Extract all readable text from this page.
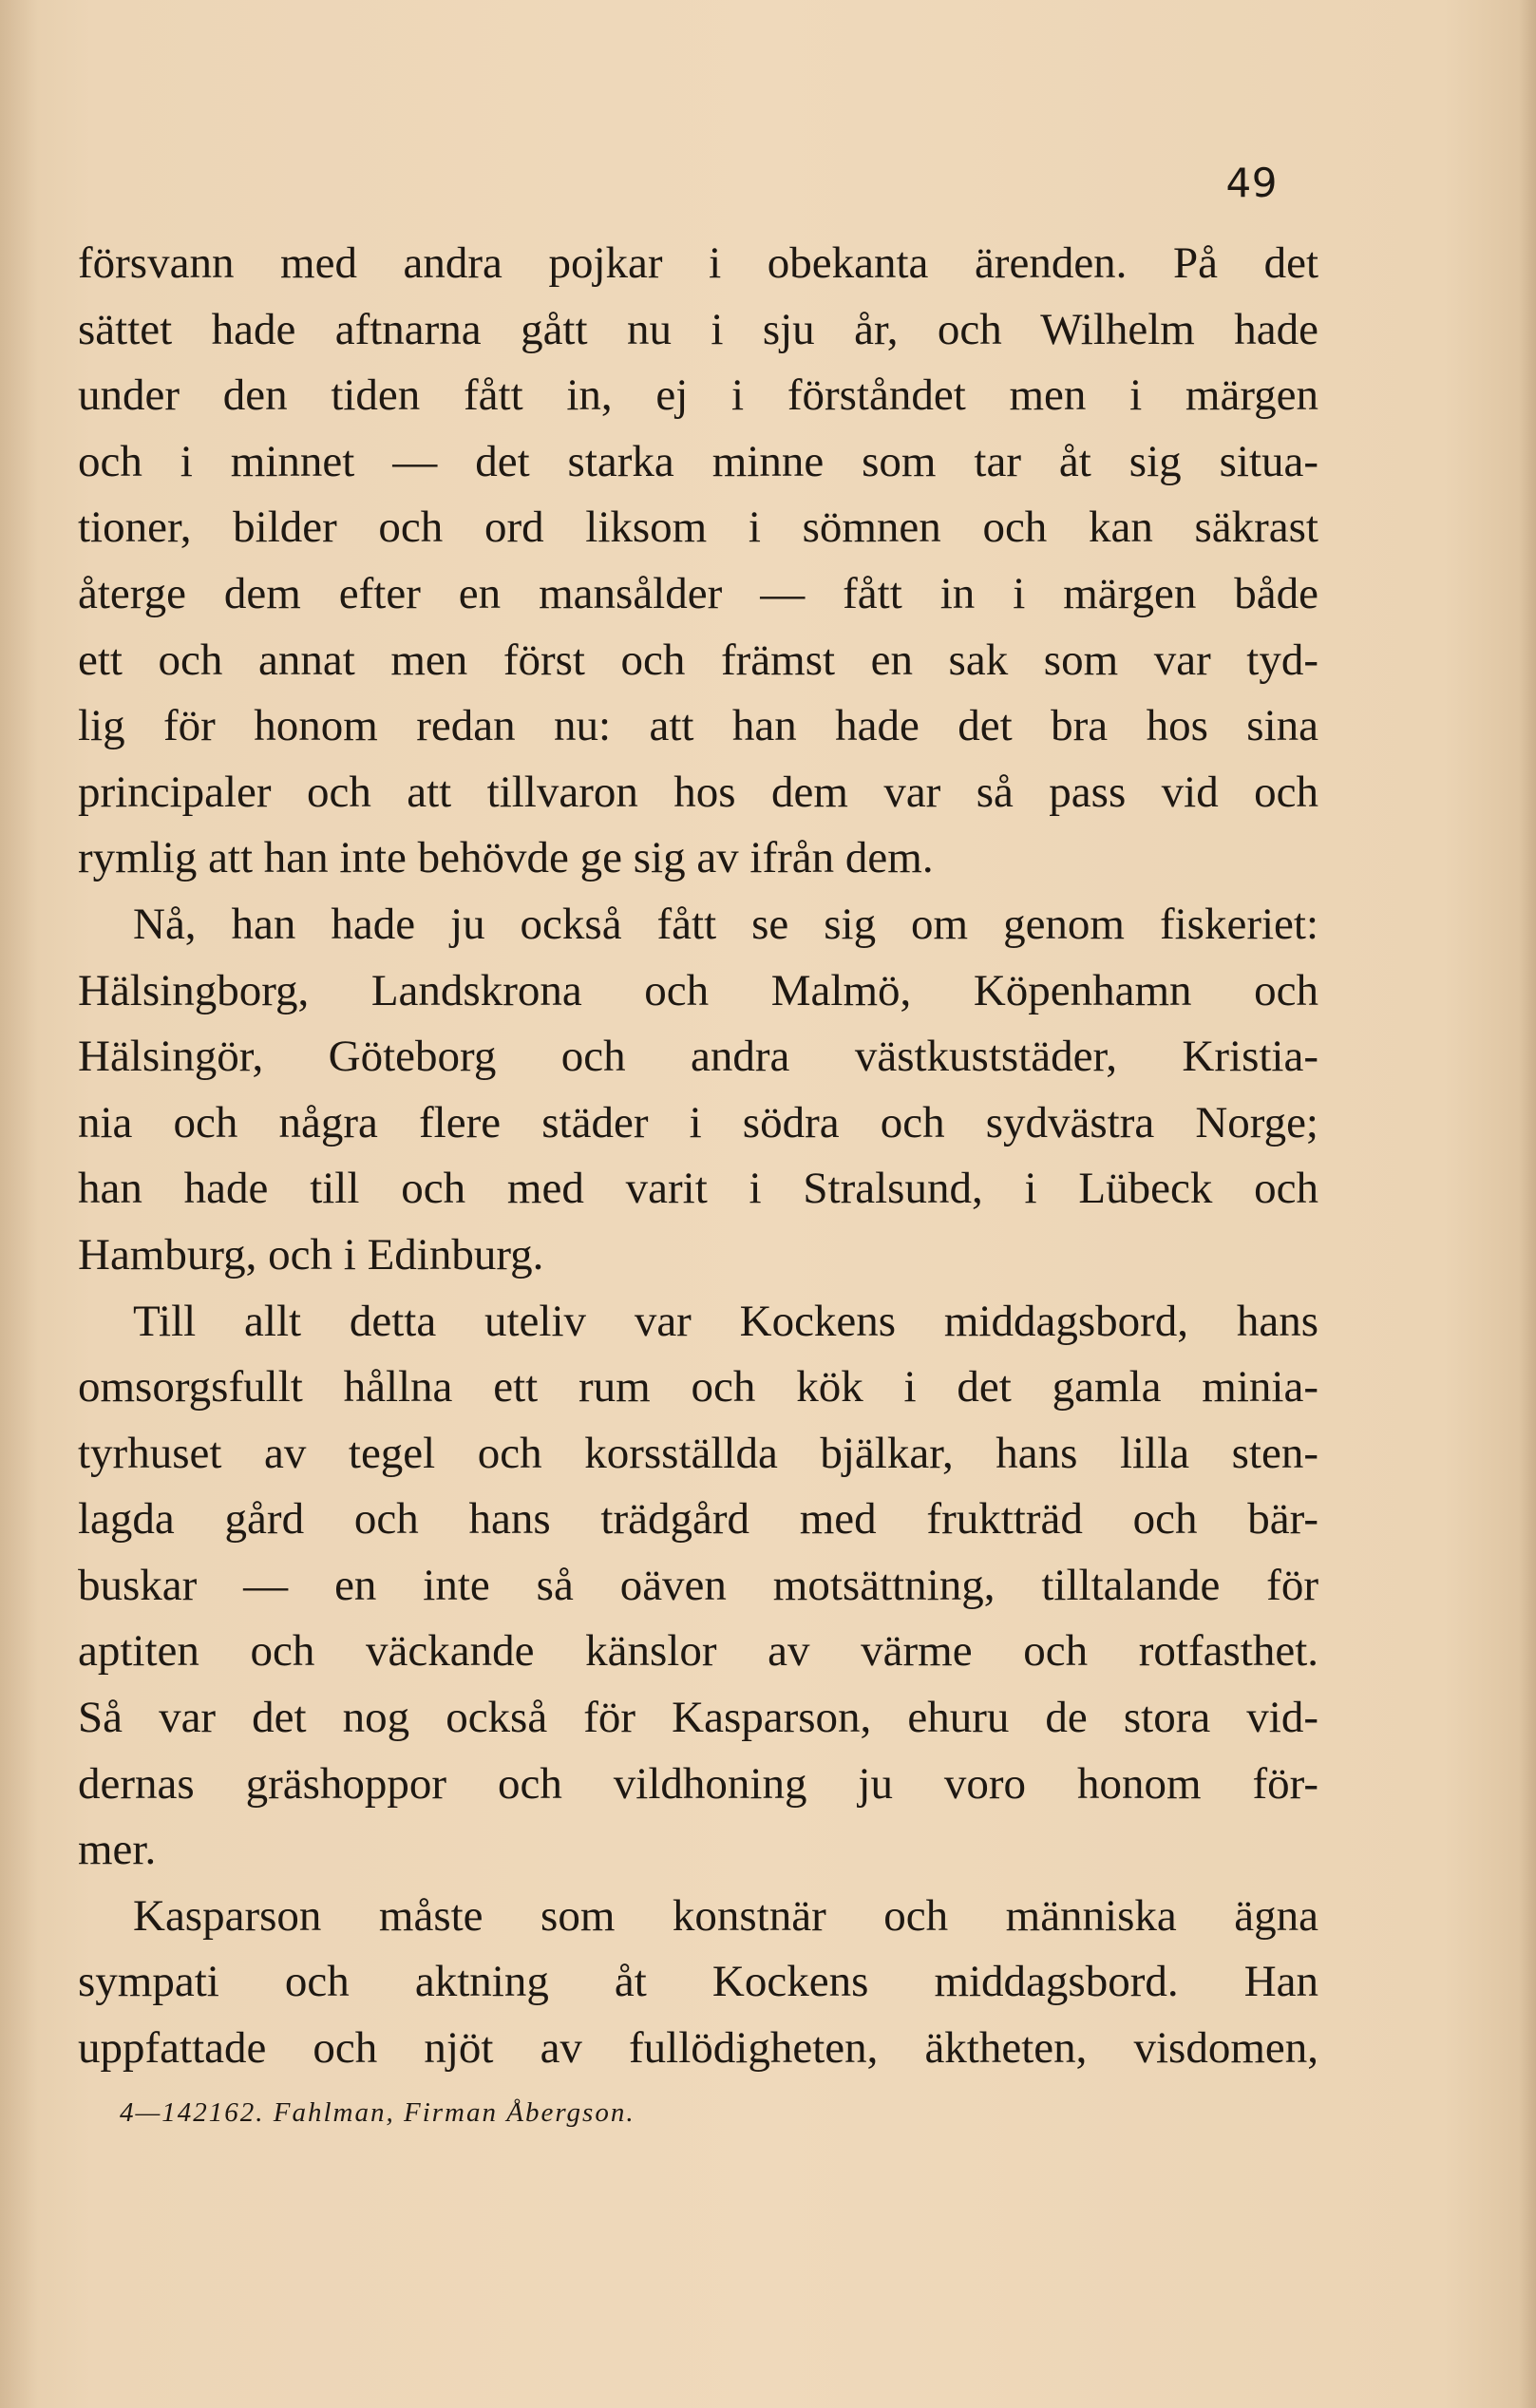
49
försvann med andra pojkar i obekanta ärenden. På det
sättet hade aftnarna gått nu i sju år, och Wilhelm hade
under den tiden fått in, ej i förståndet men i märgen
och i minnet — det starka minne som tar åt sig situa-
tioner, bilder och ord liksom i sömnen och kan säkrast
återge dem efter en mansålder — fått in i märgen både
ett och annat men först och främst en sak som var tyd-
lig för honom redan nu: att han hade det bra hos sina
principaler och att tillvaron hos dem var så pass vid och
rymlig att han inte behövde ge sig av ifrån dem.
Nå, han hade ju också fått se sig om genom fiskeriet:
Hälsingborg, Landskrona och Malmö, Köpenhamn och
Hälsingör, Göteborg och andra västkuststäder, Kristia-
nia och några flere städer i södra och sydvästra Norge;
han hade till och med varit i Stralsund, i Lübeck och
Hamburg, och i Edinburg.
Till allt detta uteliv var Kockens middagsbord, hans
omsorgsfullt hållna ett rum och kök i det gamla minia-
tyrhuset av tegel och korsställda bjälkar, hans lilla sten-
lagda gård och hans trädgård med fruktträd och bär-
buskar — en inte så oäven motsättning, tilltalande för
aptiten och väckande känslor av värme och rotfasthet.
Så var det nog också för Kasparson, ehuru de stora vid-
dernas gräshoppor och vildhoning ju voro honom för-
mer.
Kasparson måste som konstnär och människa ägna
sympati och aktning åt Kockens middagsbord. Han
uppfattade och njöt av fullödigheten, äktheten, visdomen,
4—142162. Fahlman, Firman Åbergson.
